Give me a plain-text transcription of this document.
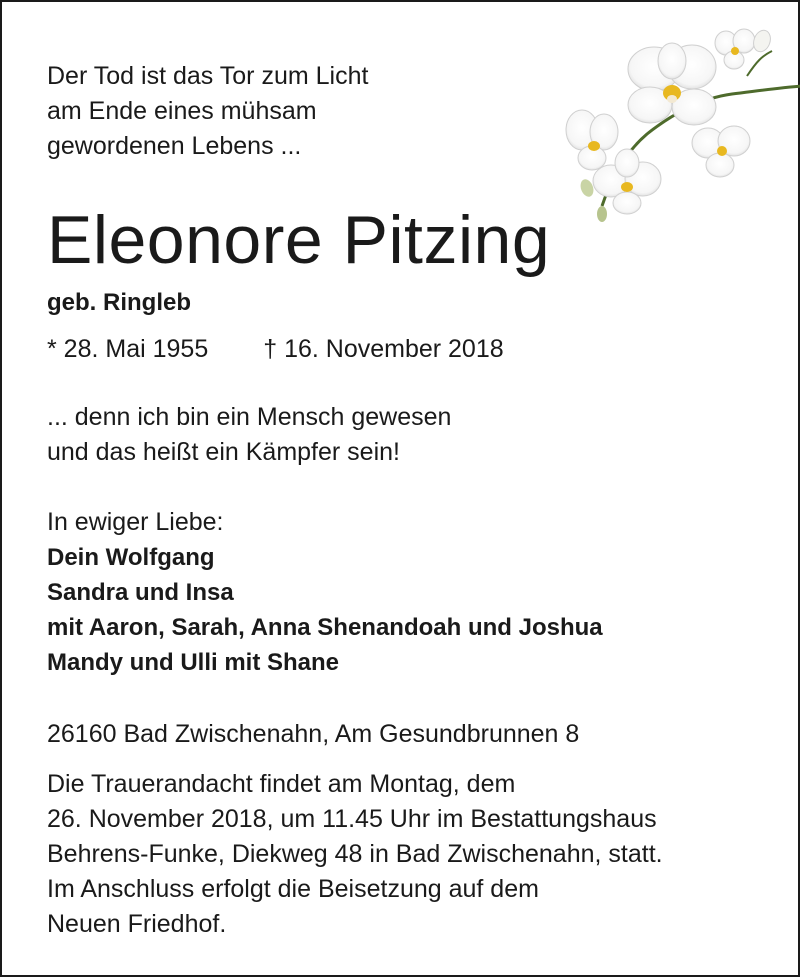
Der Tod ist das Tor zum Licht
am Ende eines mühsam
gewordenen Lebens ...
Eleonore Pitzing
geb. Ringleb
* 28. Mai 1955 † 16. November 2018
... denn ich bin ein Mensch gewesen
und das heißt ein Kämpfer sein!
In ewiger Liebe:
Dein Wolfgang
Sandra und Insa
mit Aaron, Sarah, Anna Shenandoah und Joshua
Mandy und Ulli mit Shane
26160 Bad Zwischenahn, Am Gesundbrunnen 8
Die Trauerandacht findet am Montag, dem
26. November 2018, um 11.45 Uhr im Bestattungshaus
Behrens-Funke, Diekweg 48 in Bad Zwischenahn, statt.
Im Anschluss erfolgt die Beisetzung auf dem
Neuen Friedhof.
